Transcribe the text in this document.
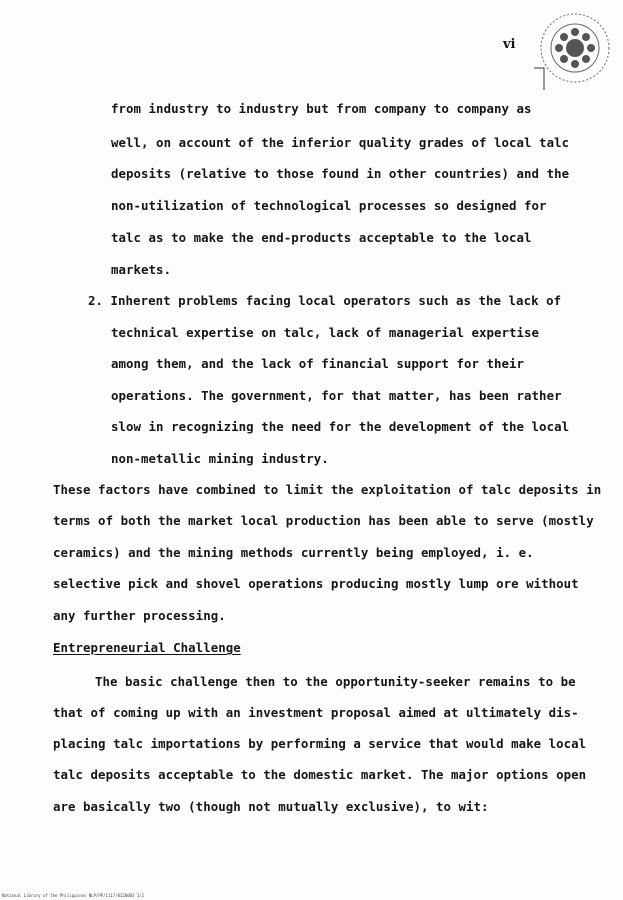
vi
from industry to industry but from company to company as
well, on account of the inferior quality grades of local talc
deposits (relative to those found in other countries) and the
non-utilization of technological processes so designed for
talc as to make the end-products acceptable to the local
markets.
2. Inherent problems facing local operators such as the lack of
technical expertise on talc, lack of managerial expertise
among them, and the lack of financial support for their
operations. The government, for that matter, has been rather
slow in recognizing the need for the development of the local
non-metallic mining industry.
These factors have combined to limit the exploitation of talc deposits in
terms of both the market local production has been able to serve (mostly
ceramics) and the mining methods currently being employed, i. e.
selective pick and shovel operations producing mostly lump ore without
any further processing.
Entrepreneurial Challenge
The basic challenge then to the opportunity-seeker remains to be
that of coming up with an investment proposal aimed at ultimately dis-
placing talc importations by performing a service that would make local
talc deposits acceptable to the domestic market. The major options open
are basically two (though not mutually exclusive), to wit:
National Library of the Philippines NLP/PP/1117/0120003 1/2
